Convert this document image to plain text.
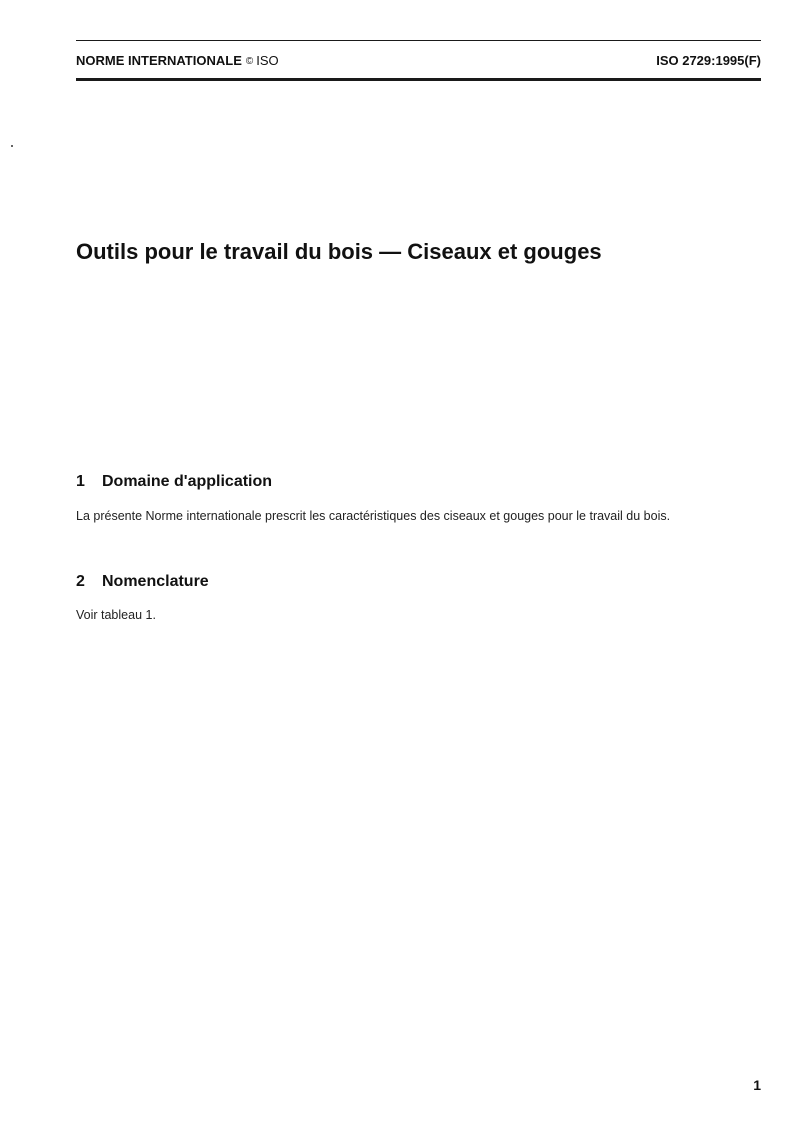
NORME INTERNATIONALE © ISO	ISO 2729:1995(F)
Outils pour le travail du bois — Ciseaux et gouges
1 Domaine d'application

La présente Norme internationale prescrit les caractéristiques des ciseaux et gouges pour le travail du bois.

2 Nomenclature

Voir tableau 1.

1
